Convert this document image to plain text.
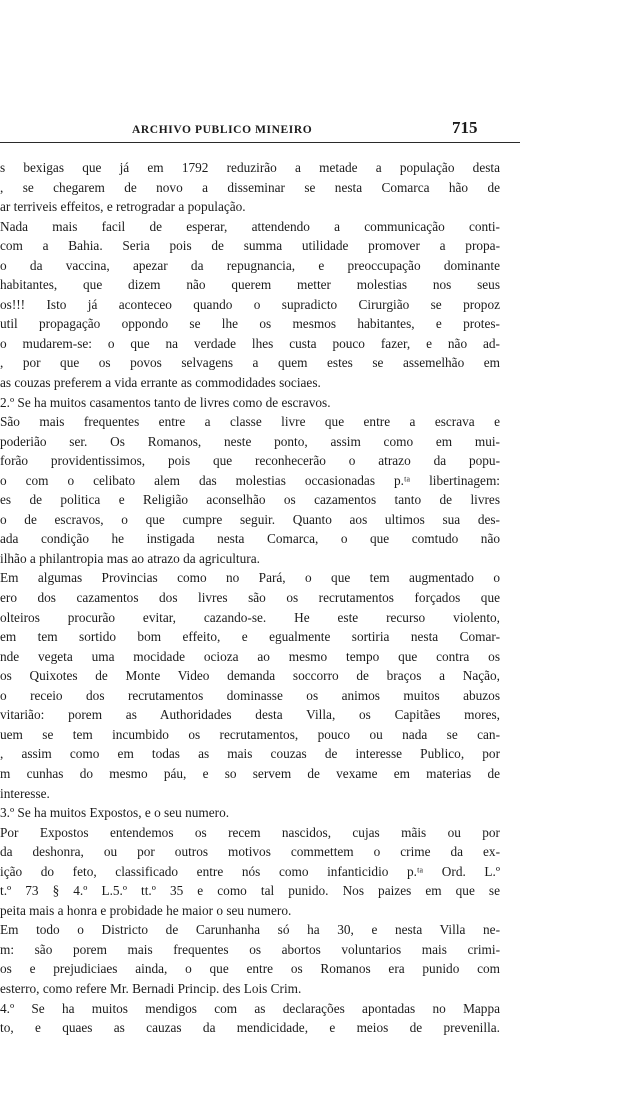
ARCHIVO PUBLICO MINEIRO	715
s bexigas que já em 1792 reduzirão a metade a população desta
, se chegarem de novo a disseminar se nesta Comarca hão de
ar terriveis effeitos, e retrogradar a população.
Nada mais facil de esperar, attendendo a communicação conti-
com a Bahia. Seria pois de summa utilidade promover a propa-
o da vaccina, apezar da repugnancia, e preoccupação dominante
habitantes, que dizem não querem metter molestias nos seus
os!!! Isto já aconteceo quando o supradicto Cirurgião se propoz
util propagação oppondo se lhe os mesmos habitantes, e protes-
o mudarem-se: o que na verdade lhes custa pouco fazer, e não ad-
, por que os povos selvagens a quem estes se assemelhão em
as couzas preferem a vida errante as commodidades sociaes.
2.º Se ha muitos casamentos tanto de livres como de escravos.
São mais frequentes entre a classe livre que entre a escrava e
poderião ser. Os Romanos, neste ponto, assim como em mui-
forão providentissimos, pois que reconhecerão o atrazo da popu-
o com o celibato alem das molestias occasionadas p.ᵗᵃ libertinagem:
es de politica e Religião aconselhão os cazamentos tanto de livres
o de escravos, o que cumpre seguir. Quanto aos ultimos sua des-
ada condição he instigada nesta Comarca, o que comtudo não
ilhão a philantropia mas ao atrazo da agricultura.
Em algumas Provincias como no Pará, o que tem augmentado o
ero dos cazamentos dos livres são os recrutamentos forçados que
olteiros procurão evitar, cazando-se. He este recurso violento,
em tem sortido bom effeito, e egualmente sortiria nesta Comar-
nde vegeta uma mocidade ocioza ao mesmo tempo que contra os
os Quixotes de Monte Video demanda soccorro de braços a Nação,
o receio dos recrutamentos dominasse os animos muitos abuzos
vitarião: porem as Authoridades desta Villa, os Capitães mores,
uem se tem incumbido os recrutamentos, pouco ou nada se can-
, assim como em todas as mais couzas de interesse Publico, por
m cunhas do mesmo páu, e so servem de vexame em materias de
interesse.
3.º Se ha muitos Expostos, e o seu numero.
Por Expostos entendemos os recem nascidos, cujas mãis ou por
da deshonra, ou por outros motivos commettem o crime da ex-
ição do feto, classificado entre nós como infanticidio p.ᵗᵃ Ord. L.º
t.º 73 § 4.º L.5.º tt.º 35 e como tal punido. Nos paizes em que se
peita mais a honra e probidade he maior o seu numero.
Em todo o Districto de Carunhanha só ha 30, e nesta Villa ne-
m: são porem mais frequentes os abortos voluntarios mais crimi-
os e prejudiciaes ainda, o que entre os Romanos era punido com
esterro, como refere Mr. Bernadi Princip. des Lois Crim.
4.º Se ha muitos mendigos com as declarações apontadas no Mappa
to, e quaes as cauzas da mendicidade, e meios de prevenilla.
